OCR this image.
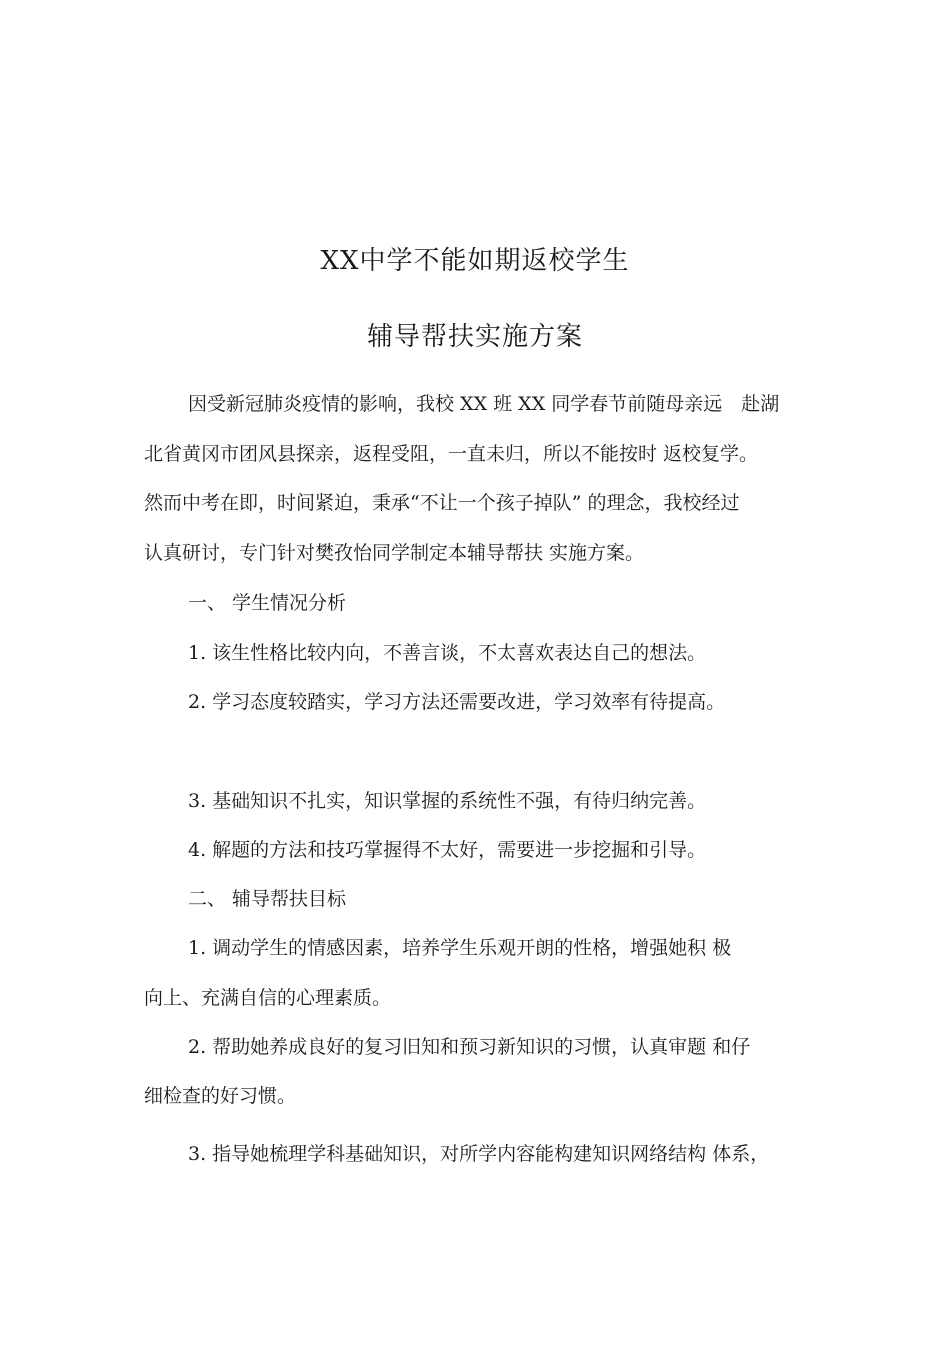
XX中学不能如期返校学生
辅导帮扶实施方案
因受新冠肺炎疫情的影响，我校 XX 班 XX 同学春节前随母亲远　赴湖
北省黄冈市团风县探亲，返程受阻，一直未归，所以不能按时 返校复学。
然而中考在即，时间紧迫，秉承“不让一个孩子掉队” 的理念，我校经过
认真研讨，专门针对樊孜怡同学制定本辅导帮扶 实施方案。
一、 学生情况分析
1. 该生性格比较内向，不善言谈，不太喜欢表达自己的想法。
2. 学习态度较踏实，学习方法还需要改进，学习效率有待提高。
3. 基础知识不扎实，知识掌握的系统性不强，有待归纳完善。
4. 解题的方法和技巧掌握得不太好，需要进一步挖掘和引导。
二、 辅导帮扶目标
1. 调动学生的情感因素，培养学生乐观开朗的性格，增强她积 极
向上、充满自信的心理素质。
2. 帮助她养成良好的复习旧知和预习新知识的习惯，认真审题 和仔
细检查的好习惯。
3. 指导她梳理学科基础知识，对所学内容能构建知识网络结构 体系，
